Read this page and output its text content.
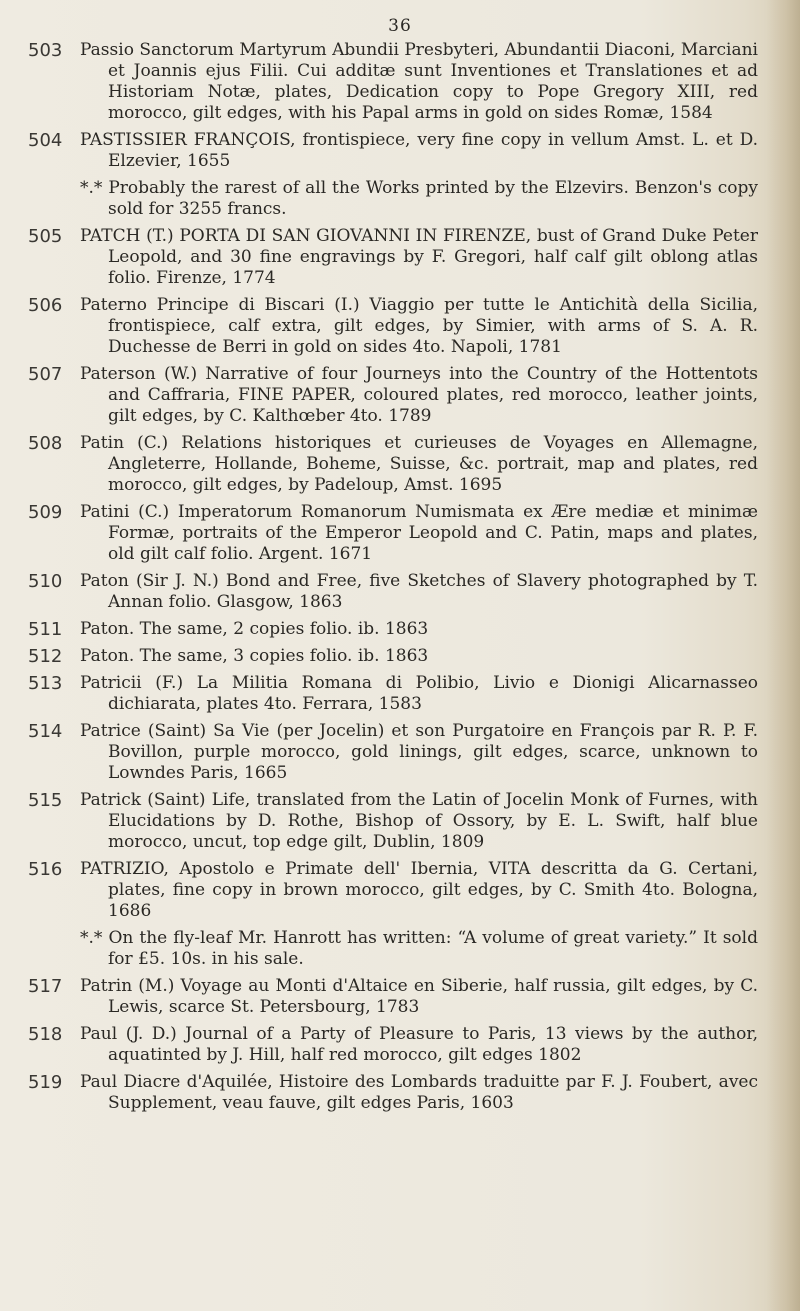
36
503	Passio Sanctorum Martyrum Abundii Presbyteri, Abundantii Diaconi, Marciani et Joannis ejus Filii. Cui additæ sunt Inventiones et Translationes et ad Historiam Notæ, plates, Dedication copy to Pope Gregory XIII, red morocco, gilt edges, with his Papal arms in gold on sides Romæ, 1584
504	PASTISSIER FRANÇOIS, frontispiece, very fine copy in vellum Amst. L. et D. Elzevier, 1655
*.* Probably the rarest of all the Works printed by the Elzevirs. Benzon's copy sold for 3255 francs.
505	PATCH (T.) PORTA DI SAN GIOVANNI IN FIRENZE, bust of Grand Duke Peter Leopold, and 30 fine engravings by F. Gregori, half calf gilt oblong atlas folio. Firenze, 1774
506	Paterno Principe di Biscari (I.) Viaggio per tutte le Antichità della Sicilia, frontispiece, calf extra, gilt edges, by Simier, with arms of S. A. R. Duchesse de Berri in gold on sides 4to. Napoli, 1781
507	Paterson (W.) Narrative of four Journeys into the Country of the Hottentots and Caffraria, FINE PAPER, coloured plates, red morocco, leather joints, gilt edges, by C. Kalthœber 4to. 1789
508	Patin (C.) Relations historiques et curieuses de Voyages en Allemagne, Angleterre, Hollande, Boheme, Suisse, &c. portrait, map and plates, red morocco, gilt edges, by Padeloup, Amst. 1695
509	Patini (C.) Imperatorum Romanorum Numismata ex Ære mediæ et minimæ Formæ, portraits of the Emperor Leopold and C. Patin, maps and plates, old gilt calf folio. Argent. 1671
510	Paton (Sir J. N.) Bond and Free, five Sketches of Slavery photographed by T. Annan folio. Glasgow, 1863
511	Paton. The same, 2 copies folio. ib. 1863
512	Paton. The same, 3 copies folio. ib. 1863
513	Patricii (F.) La Militia Romana di Polibio, Livio e Dionigi Alicarnasseo dichiarata, plates 4to. Ferrara, 1583
514	Patrice (Saint) Sa Vie (per Jocelin) et son Purgatoire en François par R. P. F. Bovillon, purple morocco, gold linings, gilt edges, scarce, unknown to Lowndes Paris, 1665
515	Patrick (Saint) Life, translated from the Latin of Jocelin Monk of Furnes, with Elucidations by D. Rothe, Bishop of Ossory, by E. L. Swift, half blue morocco, uncut, top edge gilt, Dublin, 1809
516	PATRIZIO, Apostolo e Primate dell' Ibernia, VITA descritta da G. Certani, plates, fine copy in brown morocco, gilt edges, by C. Smith 4to. Bologna, 1686
*.* On the fly-leaf Mr. Hanrott has written: “A volume of great variety.” It sold for £5. 10s. in his sale.
517	Patrin (M.) Voyage au Monti d'Altaice en Siberie, half russia, gilt edges, by C. Lewis, scarce St. Petersbourg, 1783
518	Paul (J. D.) Journal of a Party of Pleasure to Paris, 13 views by the author, aquatinted by J. Hill, half red morocco, gilt edges 1802
519	Paul Diacre d'Aquilée, Histoire des Lombards traduitte par F. J. Foubert, avec Supplement, veau fauve, gilt edges Paris, 1603
